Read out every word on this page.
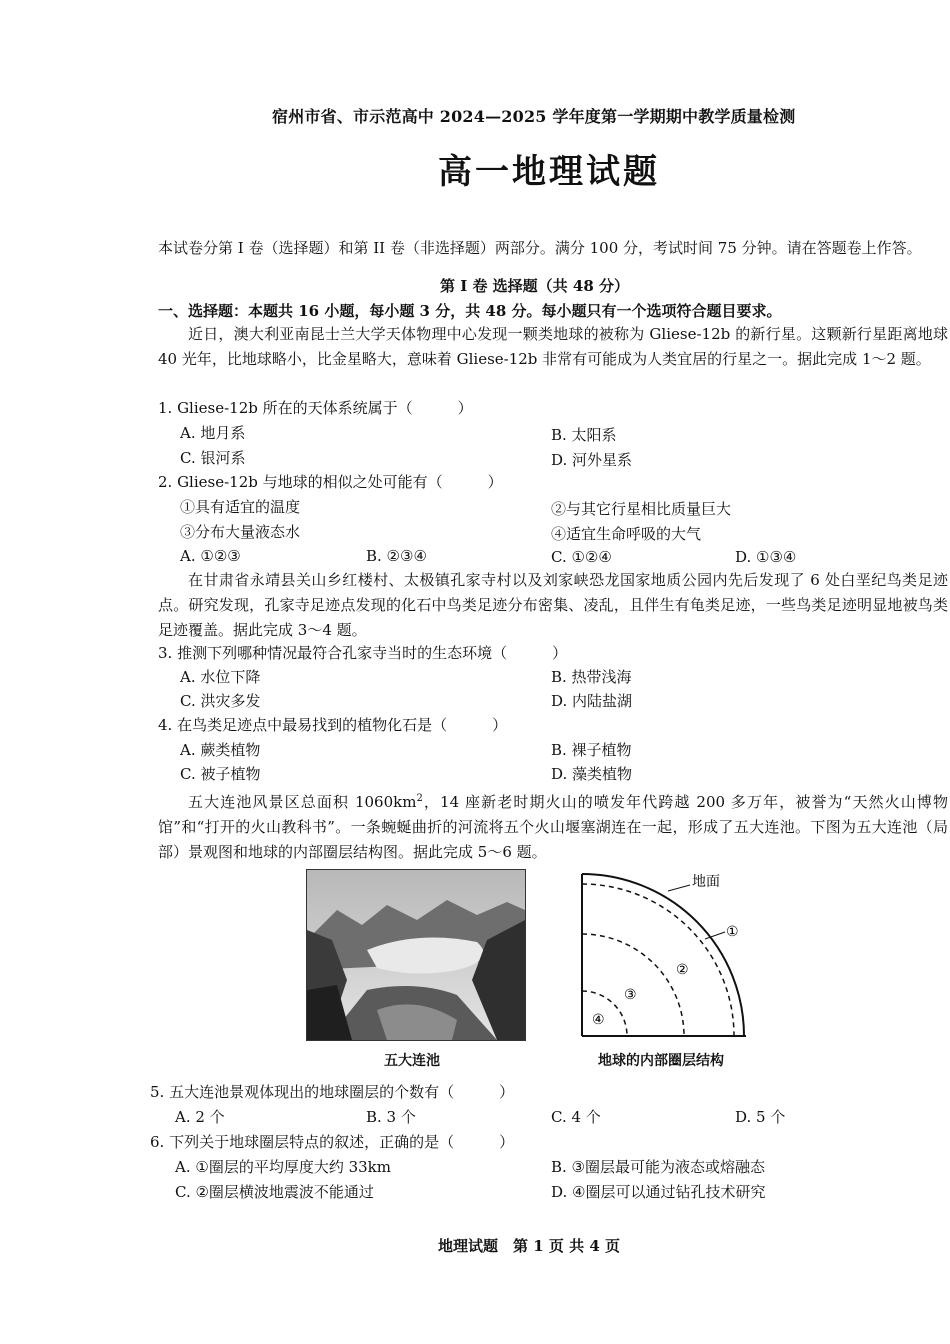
宿州市省、市示范高中 2024—2025 学年度第一学期期中教学质量检测
高一地理试题
本试卷分第 I 卷（选择题）和第 II 卷（非选择题）两部分。满分 100 分，考试时间 75 分钟。请在答题卷上作答。
第 I 卷 选择题（共 48 分）
一、选择题：本题共 16 小题，每小题 3 分，共 48 分。每小题只有一个选项符合题目要求。
近日，澳大利亚南昆士兰大学天体物理中心发现一颗类地球的被称为 Gliese-12b 的新行星。这颗新行星距离地球 40 光年，比地球略小，比金星略大，意味着 Gliese-12b 非常有可能成为人类宜居的行星之一。据此完成 1～2 题。
1. Gliese-12b 所在的天体系统属于（　　　）
A. 地月系	B. 太阳系
C. 银河系	D. 河外星系
2. Gliese-12b 与地球的相似之处可能有（　　　）
①具有适宜的温度	②与其它行星相比质量巨大
③分布大量液态水	④适宜生命呼吸的大气
A. ①②③	B. ②③④	C. ①②④	D. ①③④
在甘肃省永靖县关山乡红楼村、太极镇孔家寺村以及刘家峡恐龙国家地质公园内先后发现了 6 处白垩纪鸟类足迹点。研究发现，孔家寺足迹点发现的化石中鸟类足迹分布密集、凌乱，且伴生有龟类足迹，一些鸟类足迹明显地被鸟类足迹覆盖。据此完成 3～4 题。
3. 推测下列哪种情况最符合孔家寺当时的生态环境（　　　）
A. 水位下降	B. 热带浅海
C. 洪灾多发	D. 内陆盐湖
4. 在鸟类足迹点中最易找到的植物化石是（　　　）
A. 蕨类植物	B. 裸子植物
C. 被子植物	D. 藻类植物
五大连池风景区总面积 $1060km^2$，14 座新老时期火山的喷发年代跨越 200 多万年，被誉为“天然火山博物馆”和“打开的火山教科书”。一条蜿蜒曲折的河流将五个火山堰塞湖连在一起，形成了五大连池。下图为五大连池（局部）景观图和地球的内部圈层结构图。据此完成 5～6 题。
五大连池
地面
①
②
③
④
地球的内部圈层结构
5. 五大连池景观体现出的地球圈层的个数有（　　　）
A. 2 个	B. 3 个	C. 4 个	D. 5 个
6. 下列关于地球圈层特点的叙述，正确的是（　　　）
A. ①圈层的平均厚度大约 33km	B. ③圈层最可能为液态或熔融态
C. ②圈层横波地震波不能通过	D. ④圈层可以通过钻孔技术研究
地理试题　第 1 页 共 4 页
